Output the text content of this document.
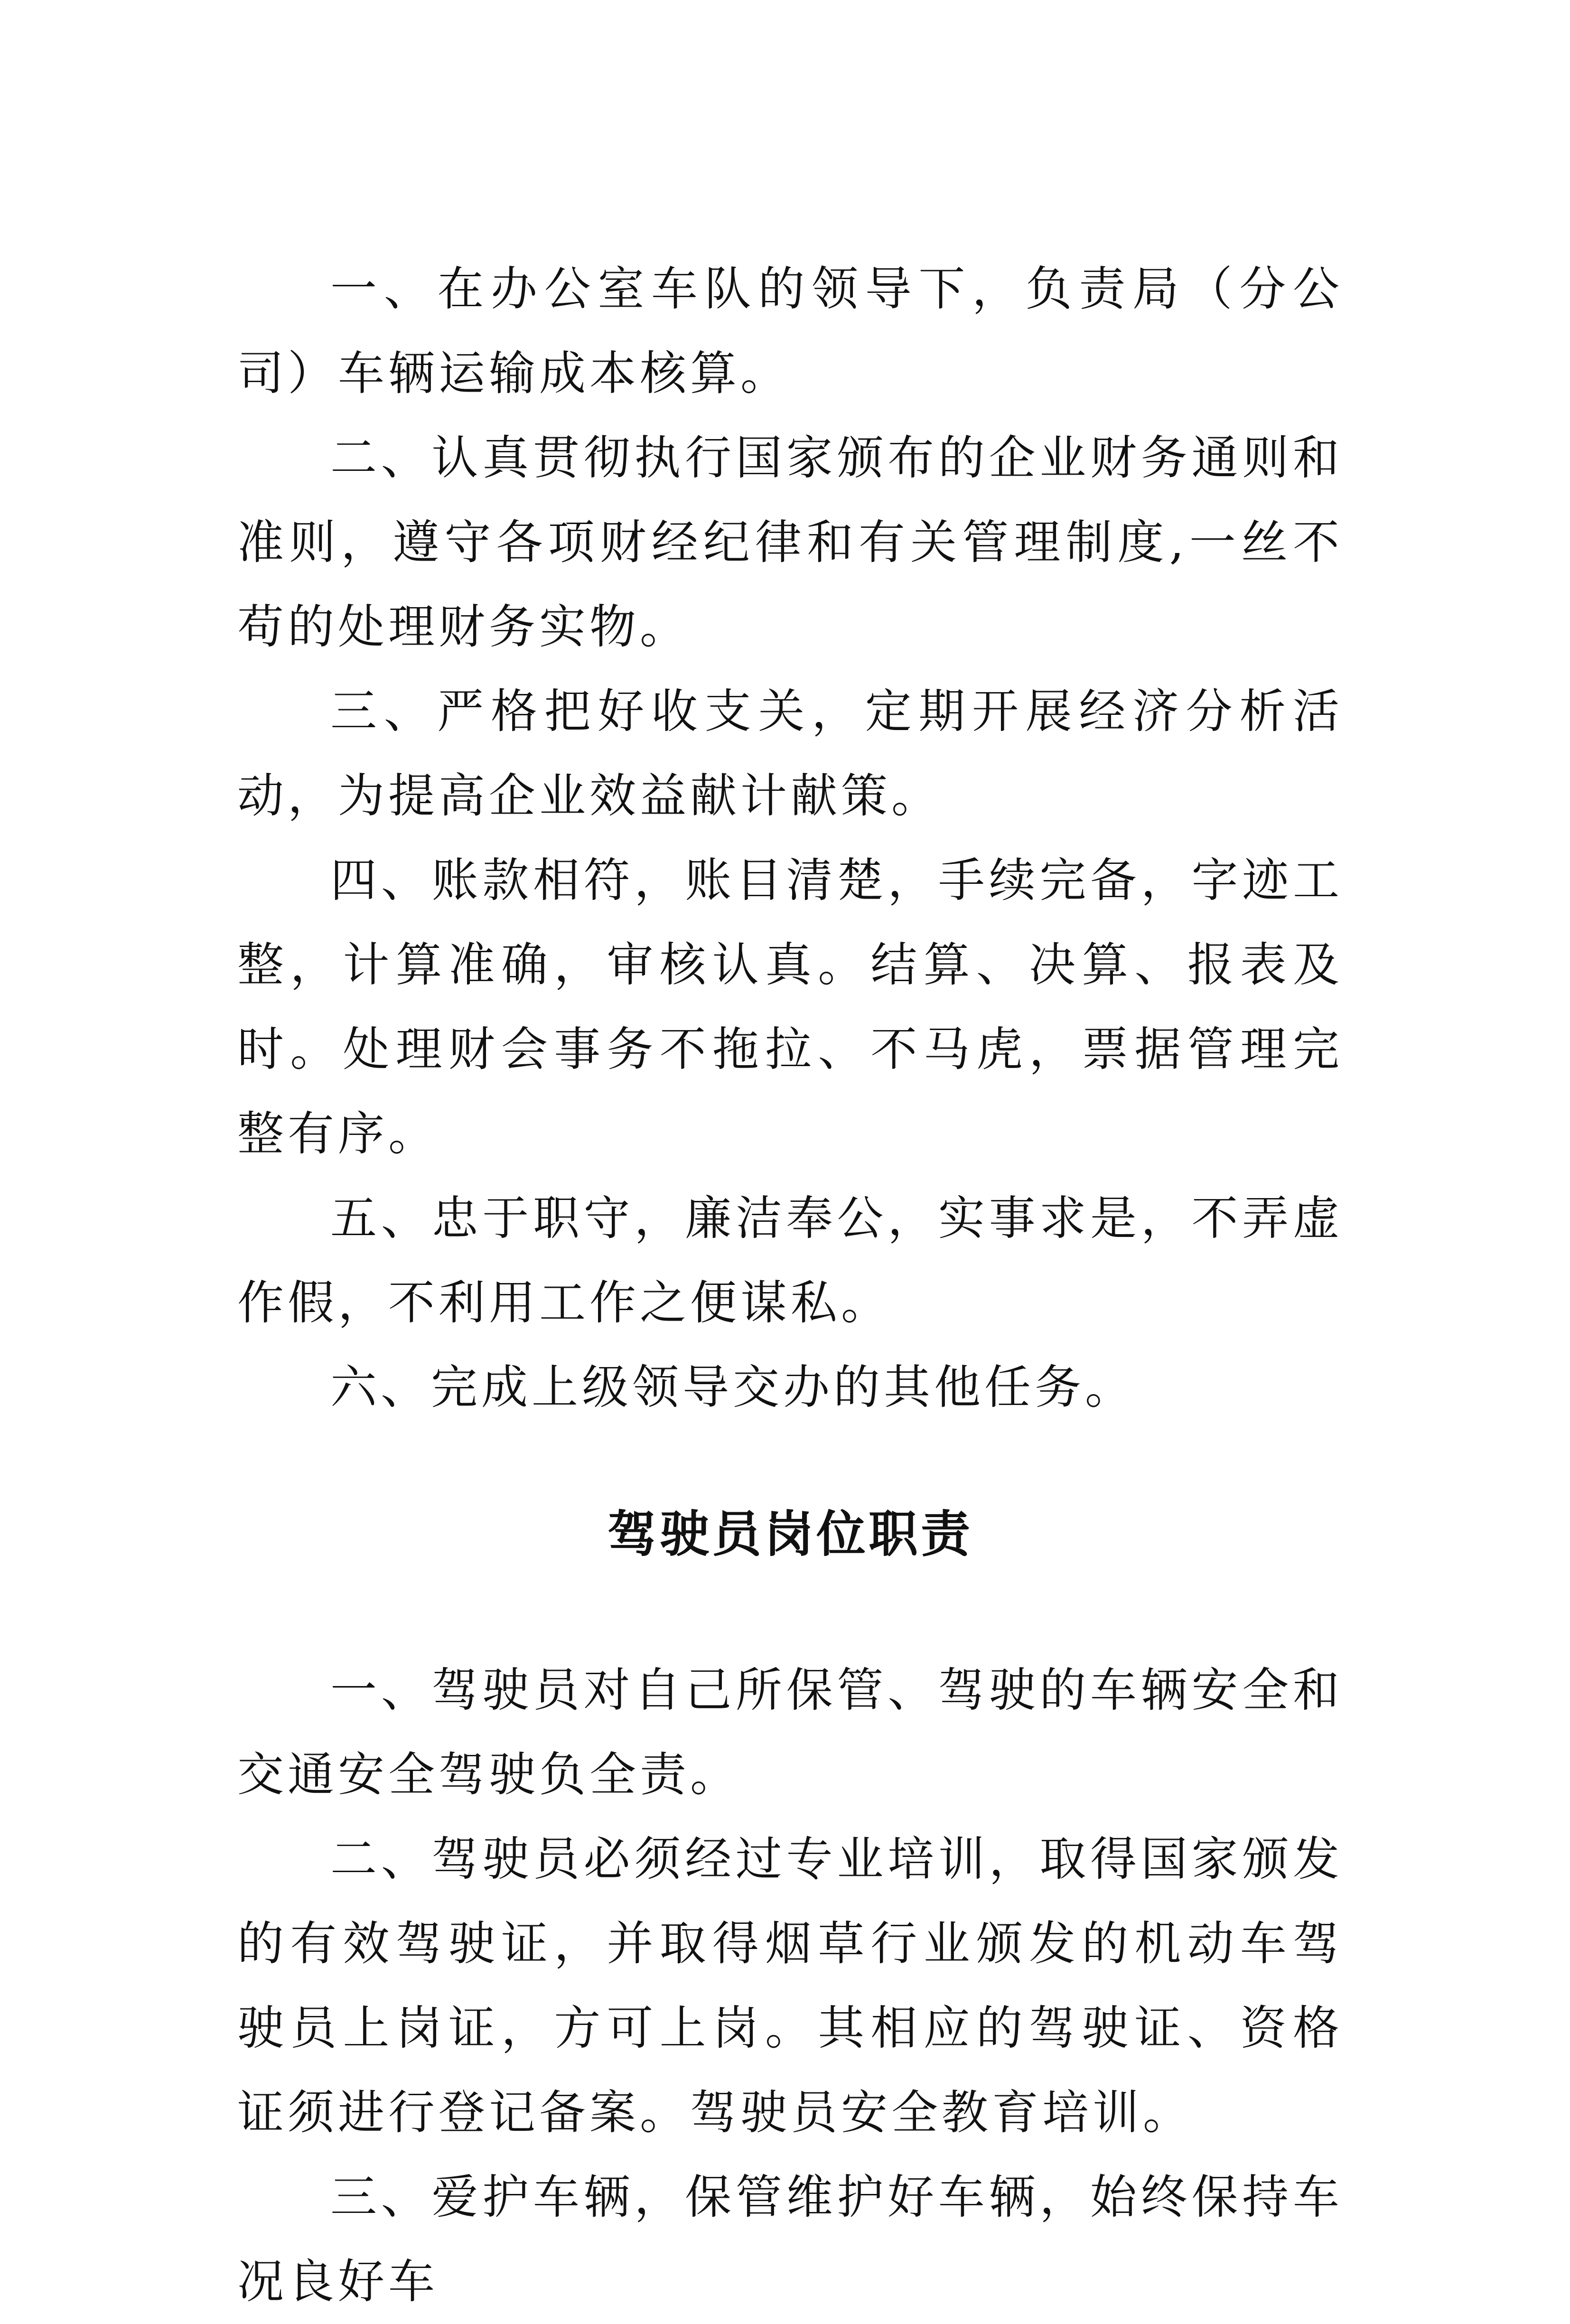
一、在办公室车队的领导下，负责局（分公司）车辆运输成本核算。

二、认真贯彻执行国家颁布的企业财务通则和准则，遵守各项财经纪律和有关管理制度,一丝不苟的处理财务实物。

三、严格把好收支关，定期开展经济分析活动，为提高企业效益献计献策。

四、账款相符，账目清楚，手续完备，字迹工整，计算准确，审核认真。结算、决算、报表及时。处理财会事务不拖拉、不马虎，票据管理完整有序。

五、忠于职守，廉洁奉公，实事求是，不弄虚作假，不利用工作之便谋私。

六、完成上级领导交办的其他任务。

驾驶员岗位职责

一、驾驶员对自己所保管、驾驶的车辆安全和交通安全驾驶负全责。

二、驾驶员必须经过专业培训，取得国家颁发的有效驾驶证，并取得烟草行业颁发的机动车驾驶员上岗证，方可上岗。其相应的驾驶证、资格证须进行登记备案。驾驶员安全教育培训。

三、爱护车辆，保管维护好车辆，始终保持车况良好车
